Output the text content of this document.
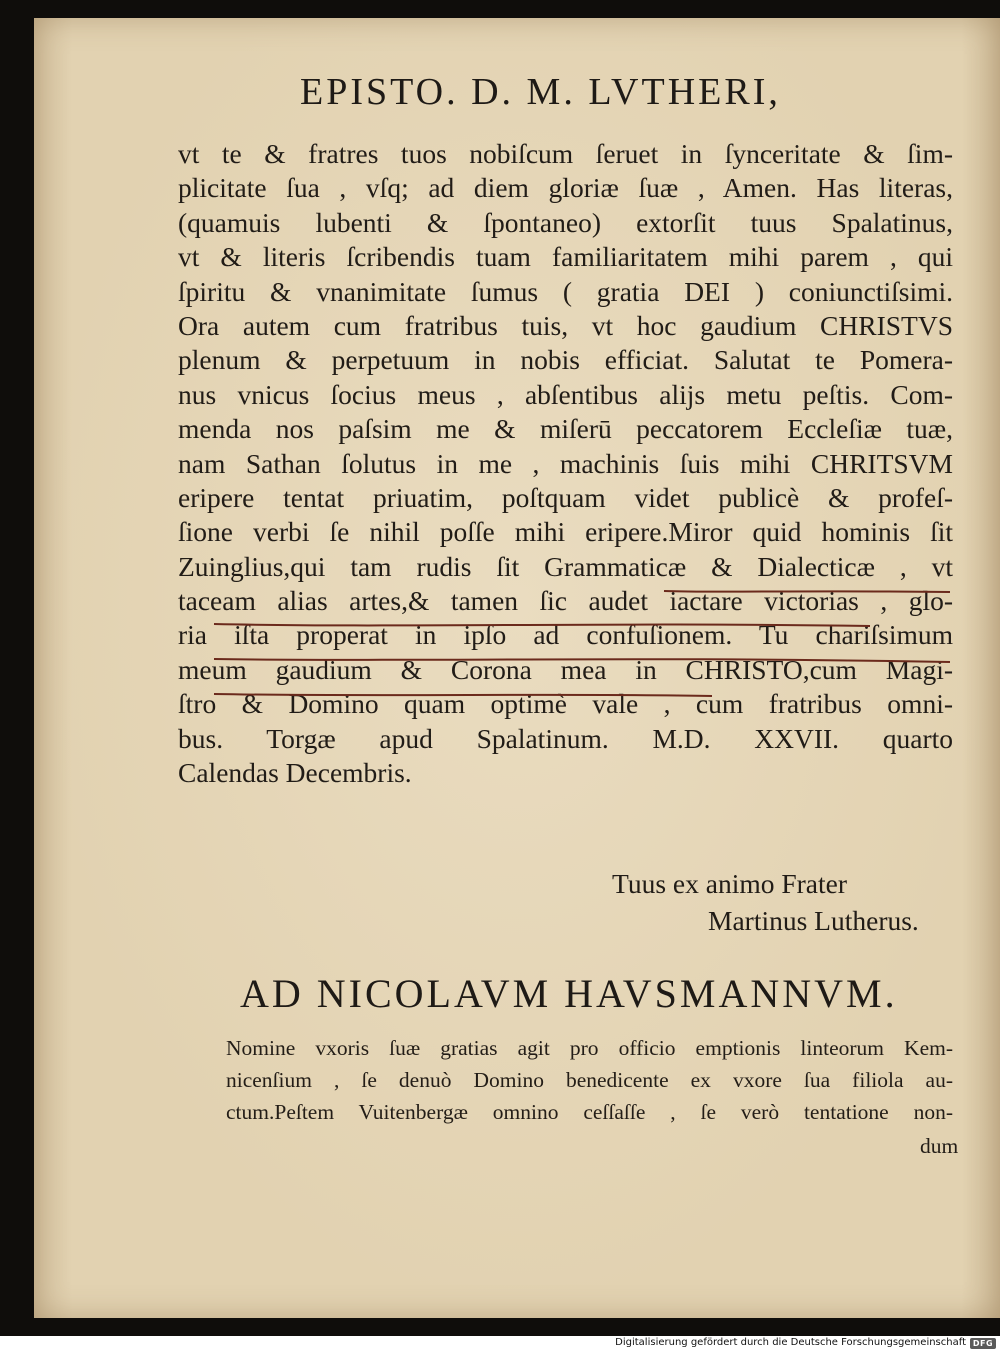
EPISTO. D. M. LVTHERI,
vt te & fratres tuos nobiſcum ſeruet in ſynceritate & ſim-
plicitate ſua , vſq; ad diem gloriæ ſuæ , Amen. Has literas,
(quamuis lubenti & ſpontaneo) extorſit tuus Spalatinus,
vt & literis ſcribendis tuam familiaritatem mihi parem , qui
ſpiritu & vnanimitate ſumus ( gratia DEI ) coniunctiſsimi.
Ora autem cum fratribus tuis, vt hoc gaudium CHRISTVS
plenum & perpetuum in nobis efficiat. Salutat te Pomera-
nus vnicus ſocius meus , abſentibus alijs metu peſtis. Com-
menda nos paſsim me & miſerū peccatorem Eccleſiæ tuæ,
nam Sathan ſolutus in me , machinis ſuis mihi CHRITSVM
eripere tentat priuatim, poſtquam videt publicè & profeſ-
ſione verbi ſe nihil poſſe mihi eripere.Miror quid hominis ſit
Zuinglius,qui tam rudis ſit Grammaticæ & Dialecticæ , vt
taceam alias artes,& tamen ſic audet iactare victorias , glo-
ria iſta properat in ipſo ad confuſionem. Tu chariſsimum
meum gaudium & Corona mea in CHRISTO,cum Magi-
ſtro & Domino quam optimè vale , cum fratribus omni-
bus. Torgæ apud Spalatinum. M.D. XXVII. quarto
Calendas Decembris.
Tuus ex animo Frater
Martinus Lutherus.
AD NICOLAVM HAVSMANNVM.
Nomine vxoris ſuæ gratias agit pro officio emptionis linteorum Kem-
nicenſium , ſe denuò Domino benedicente ex vxore ſua filiola au-
ctum.Peſtem Vuitenbergæ omnino ceſſaſſe , ſe verò tentatione non-

dum

Digitalisierung gefördert durch die Deutsche Forschungsgemeinschaft DFG
